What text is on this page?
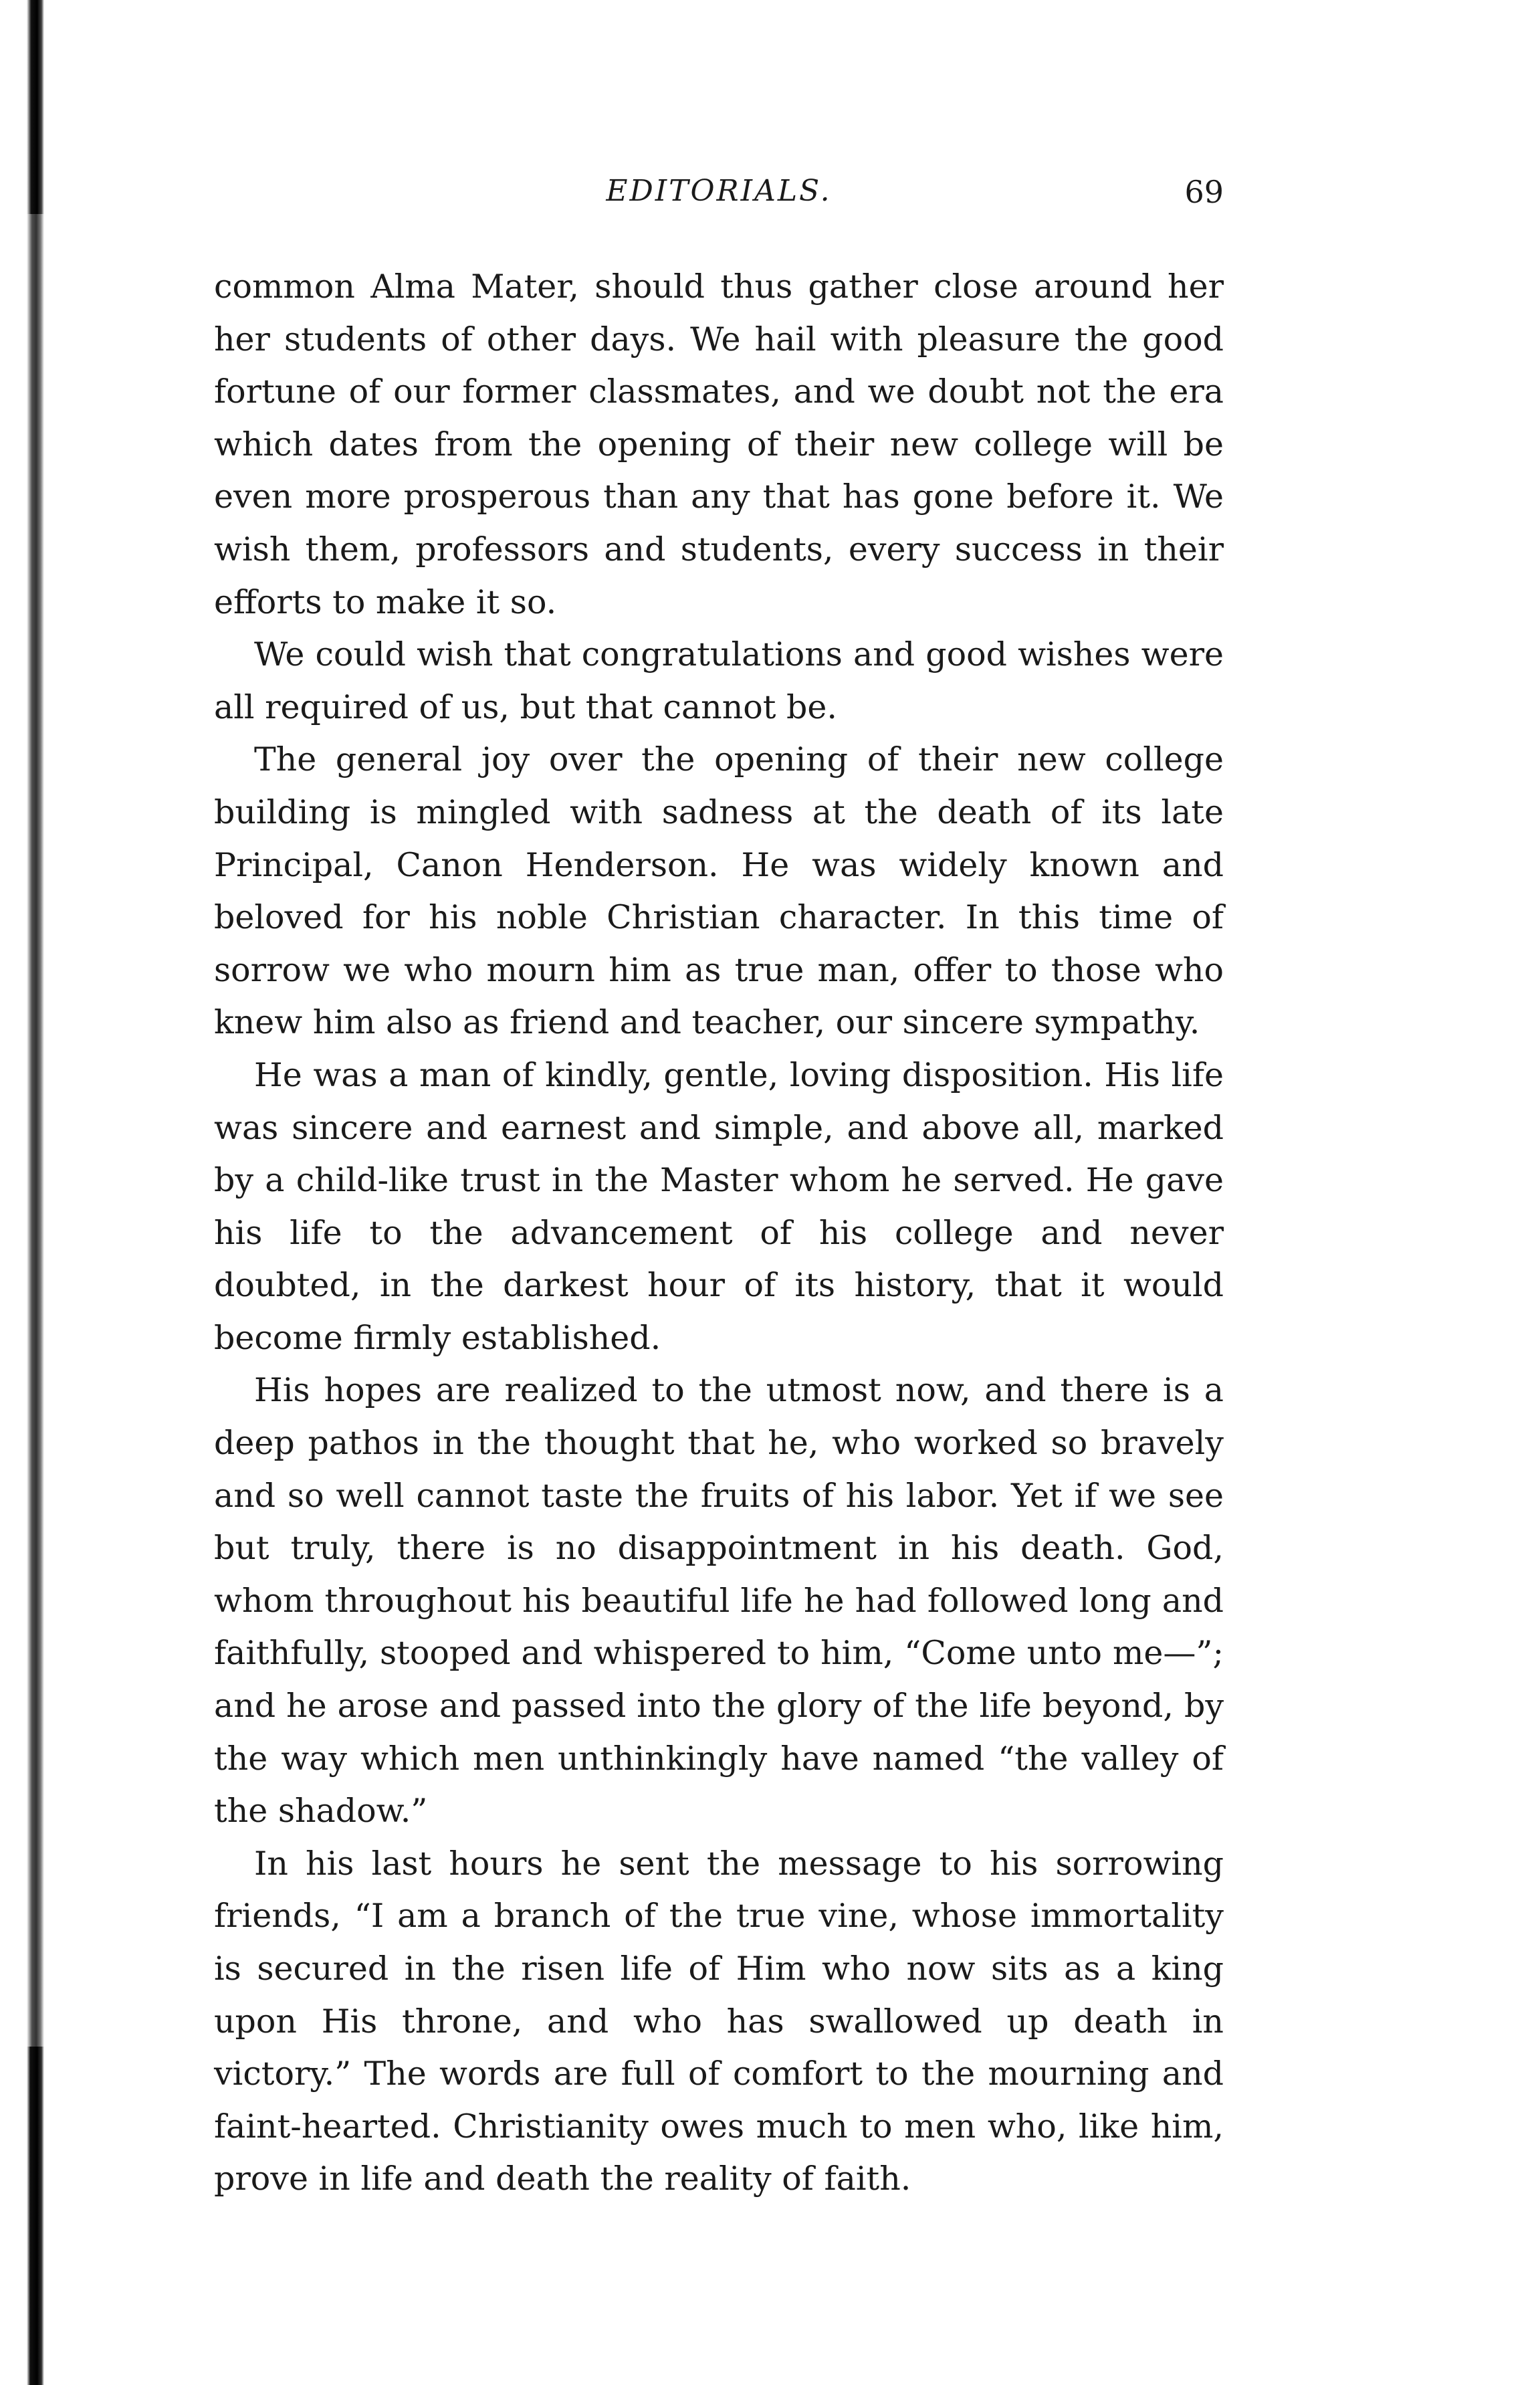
EDITORIALS.	69

common Alma Mater, should thus gather close around her her students of other days. We hail with pleasure the good fortune of our former classmates, and we doubt not the era which dates from the opening of their new college will be even more prosperous than any that has gone before it. We wish them, professors and students, every success in their efforts to make it so.

We could wish that congratulations and good wishes were all required of us, but that cannot be.

The general joy over the opening of their new college building is mingled with sadness at the death of its late Principal, Canon Henderson. He was widely known and beloved for his noble Christian character. In this time of sorrow we who mourn him as true man, offer to those who knew him also as friend and teacher, our sincere sympathy.

He was a man of kindly, gentle, loving disposition. His life was sincere and earnest and simple, and above all, marked by a child-like trust in the Master whom he served. He gave his life to the advancement of his college and never doubted, in the darkest hour of its history, that it would become firmly established.

His hopes are realized to the utmost now, and there is a deep pathos in the thought that he, who worked so bravely and so well cannot taste the fruits of his labor. Yet if we see but truly, there is no disappointment in his death. God, whom throughout his beautiful life he had followed long and faithfully, stooped and whispered to him, “Come unto me—”; and he arose and passed into the glory of the life beyond, by the way which men unthinkingly have named “the valley of the shadow.”

In his last hours he sent the message to his sorrowing friends, “I am a branch of the true vine, whose immortality is secured in the risen life of Him who now sits as a king upon His throne, and who has swallowed up death in victory.” The words are full of comfort to the mourning and faint-hearted. Christianity owes much to men who, like him, prove in life and death the reality of faith.
